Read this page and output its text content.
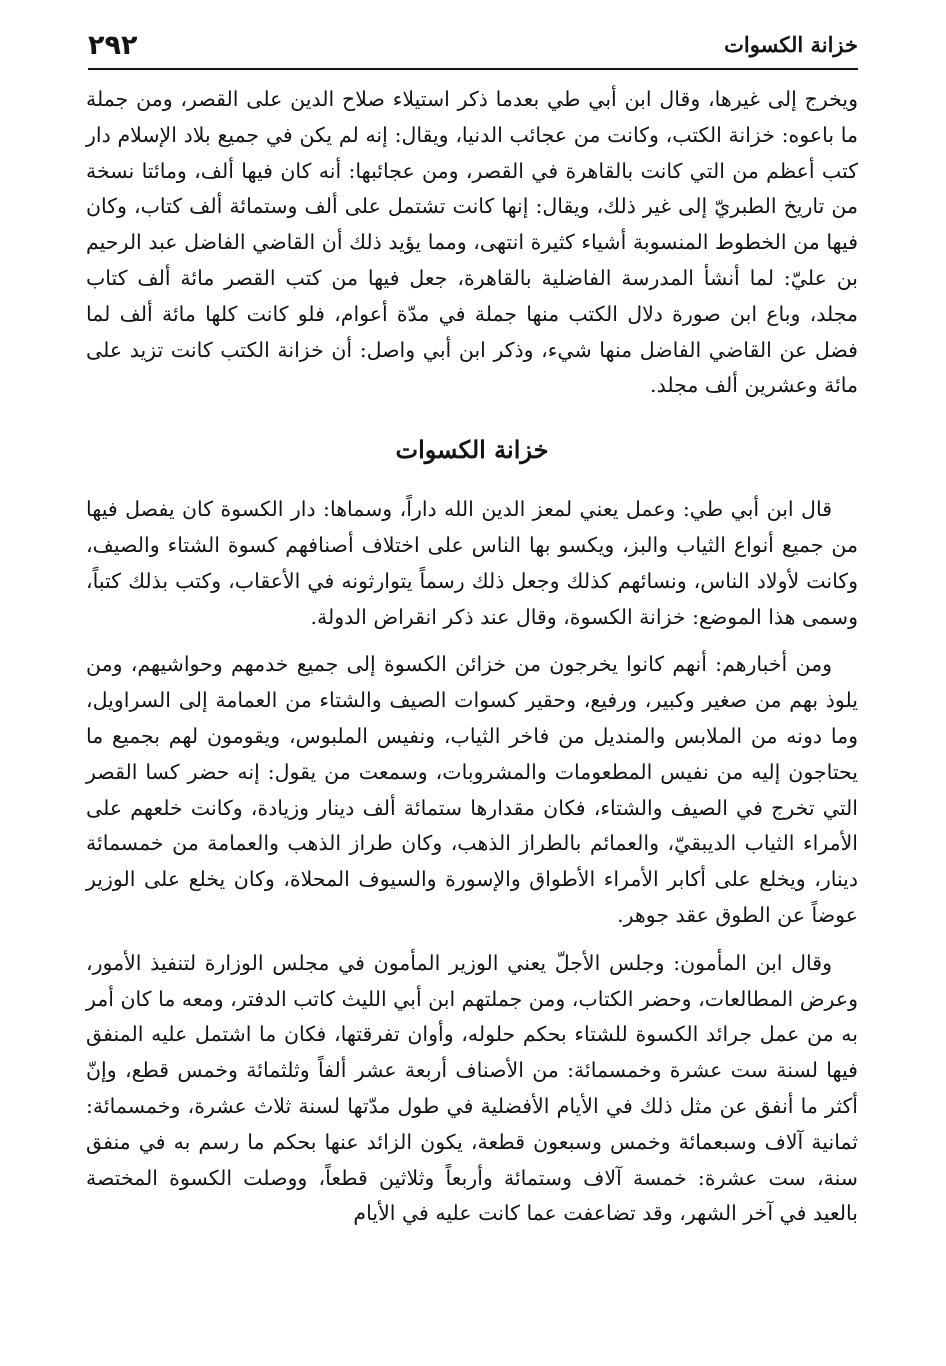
٢٩٢	خزانة الكسوات

ويخرج إلى غيرها، وقال ابن أبي طي بعدما ذكر استيلاء صلاح الدين على القصر، ومن جملة ما باعوه: خزانة الكتب، وكانت من عجائب الدنيا، ويقال: إنه لم يكن في جميع بلاد الإسلام دار كتب أعظم من التي كانت بالقاهرة في القصر، ومن عجائبها: أنه كان فيها ألف، ومائتا نسخة من تاريخ الطبريّ إلى غير ذلك، ويقال: إنها كانت تشتمل على ألف وستمائة ألف كتاب، وكان فيها من الخطوط المنسوبة أشياء كثيرة انتهى، ومما يؤيد ذلك أن القاضي الفاضل عبد الرحيم بن عليّ: لما أنشأ المدرسة الفاضلية بالقاهرة، جعل فيها من كتب القصر مائة ألف كتاب مجلد، وباع ابن صورة دلال الكتب منها جملة في مدّة أعوام، فلو كانت كلها مائة ألف لما فضل عن القاضي الفاضل منها شيء، وذكر ابن أبي واصل: أن خزانة الكتب كانت تزيد على مائة وعشرين ألف مجلد.

خزانة الكسوات

قال ابن أبي طي: وعمل يعني لمعز الدين الله داراً، وسماها: دار الكسوة كان يفصل فيها من جميع أنواع الثياب والبز، ويكسو بها الناس على اختلاف أصنافهم كسوة الشتاء والصيف، وكانت لأولاد الناس، ونسائهم كذلك وجعل ذلك رسماً يتوارثونه في الأعقاب، وكتب بذلك كتباً، وسمى هذا الموضع: خزانة الكسوة، وقال عند ذكر انقراض الدولة.

ومن أخبارهم: أنهم كانوا يخرجون من خزائن الكسوة إلى جميع خدمهم وحواشيهم، ومن يلوذ بهم من صغير وكبير، ورفيع، وحقير كسوات الصيف والشتاء من العمامة إلى السراويل، وما دونه من الملابس والمنديل من فاخر الثياب، ونفيس الملبوس، ويقومون لهم بجميع ما يحتاجون إليه من نفيس المطعومات والمشروبات، وسمعت من يقول: إنه حضر كسا القصر التي تخرج في الصيف والشتاء، فكان مقدارها ستمائة ألف دينار وزيادة، وكانت خلعهم على الأمراء الثياب الديبقيّ، والعمائم بالطراز الذهب، وكان طراز الذهب والعمامة من خمسمائة دينار، ويخلع على أكابر الأمراء الأطواق والإسورة والسيوف المحلاة، وكان يخلع على الوزير عوضاً عن الطوق عقد جوهر.

وقال ابن المأمون: وجلس الأجلّ يعني الوزير المأمون في مجلس الوزارة لتنفيذ الأمور، وعرض المطالعات، وحضر الكتاب، ومن جملتهم ابن أبي الليث كاتب الدفتر، ومعه ما كان أمر به من عمل جرائد الكسوة للشتاء بحكم حلوله، وأوان تفرقتها، فكان ما اشتمل عليه المنفق فيها لسنة ست عشرة وخمسمائة: من الأصناف أربعة عشر ألفاً وثلثمائة وخمس قطع، وإنّ أكثر ما أنفق عن مثل ذلك في الأيام الأفضلية في طول مدّتها لسنة ثلاث عشرة، وخمسمائة: ثمانية آلاف وسبعمائة وخمس وسبعون قطعة، يكون الزائد عنها بحكم ما رسم به في منفق سنة، ست عشرة: خمسة آلاف وستمائة وأربعاً وثلاثين قطعاً، ووصلت الكسوة المختصة بالعيد في آخر الشهر، وقد تضاعفت عما كانت عليه في الأيام
